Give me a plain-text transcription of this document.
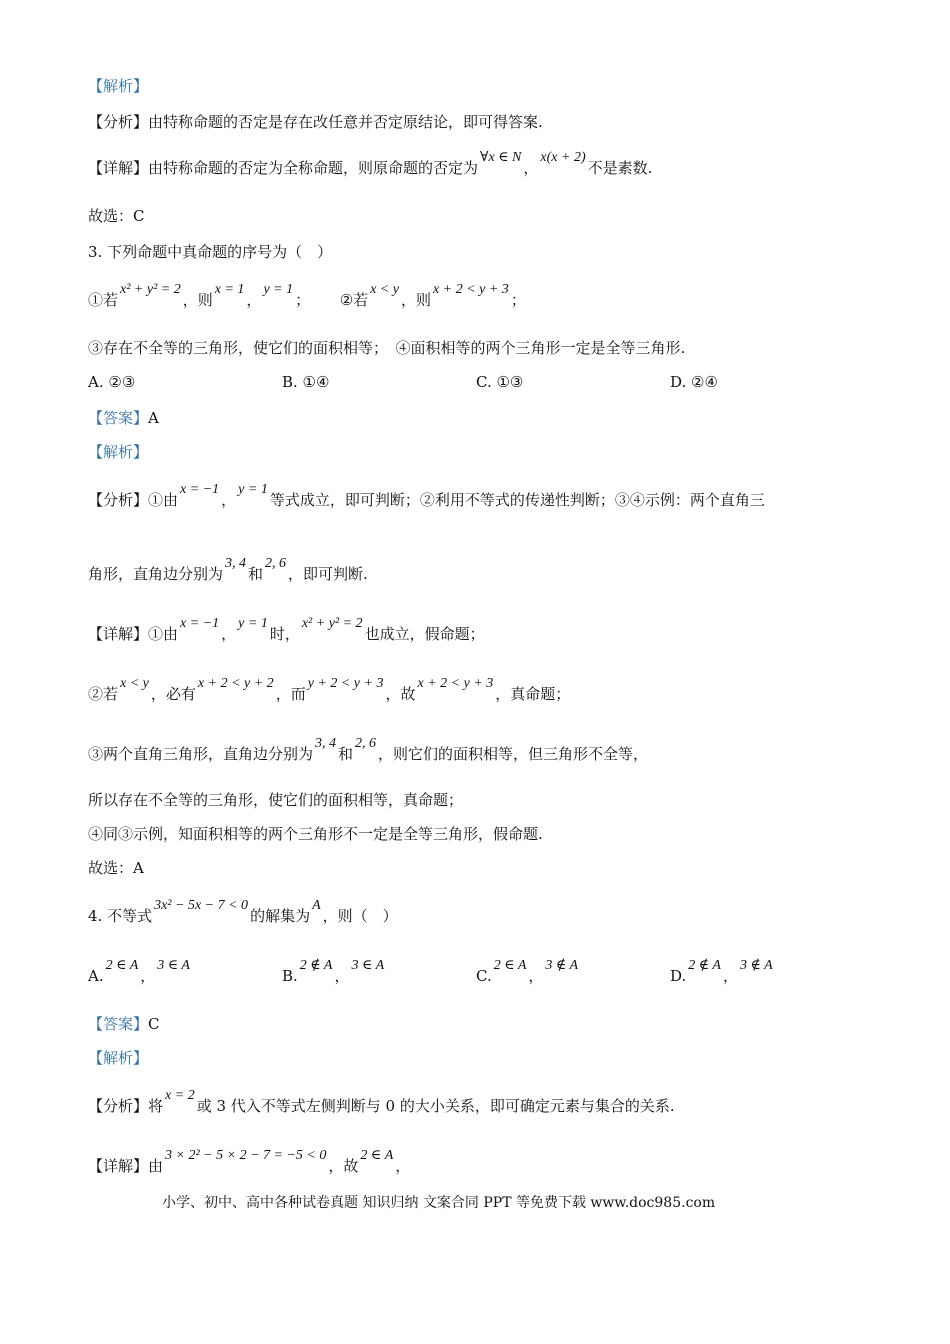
【解析】
【分析】由特称命题的否定是存在改任意并否定原结论，即可得答案.
【详解】由特称命题的否定为全称命题，则原命题的否定为∀x ∈ N，x(x + 2)不是素数.
故选：C
3. 下列命题中真命题的序号为（　）
①若x² + y² = 2，则x = 1，y = 1； ②若x < y，则x + 2 < y + 3；
③存在不全等的三角形，使它们的面积相等；　④面积相等的两个三角形一定是全等三角形.
A. ②③	B. ①④	C. ①③	D. ②④
【答案】A
【解析】
【分析】①由x = −1，y = 1等式成立，即可判断；②利用不等式的传递性判断；③④示例：两个直角三
角形，直角边分别为3, 4和2, 6，即可判断.
【详解】①由x = −1，y = 1时，x² + y² = 2也成立，假命题；
②若x < y，必有x + 2 < y + 2，而y + 2 < y + 3，故x + 2 < y + 3，真命题；
③两个直角三角形，直角边分别为3, 4和2, 6，则它们的面积相等，但三角形不全等，
所以存在不全等的三角形，使它们的面积相等，真命题；
④同③示例，知面积相等的两个三角形不一定是全等三角形，假命题.
故选：A
4. 不等式3x² − 5x − 7 < 0的解集为A，则（　）
A.2 ∈ A，3 ∈ A
B.2 ∉ A，3 ∈ A
C.2 ∈ A，3 ∉ A
D.2 ∉ A，3 ∉ A
【答案】C
【解析】
【分析】将x = 2或 3 代入不等式左侧判断与 0 的大小关系，即可确定元素与集合的关系.
【详解】由3 × 2² − 5 × 2 − 7 = −5 < 0，故2 ∈ A，
小学、初中、高中各种试卷真题 知识归纳 文案合同 PPT 等免费下载 www.doc985.com
